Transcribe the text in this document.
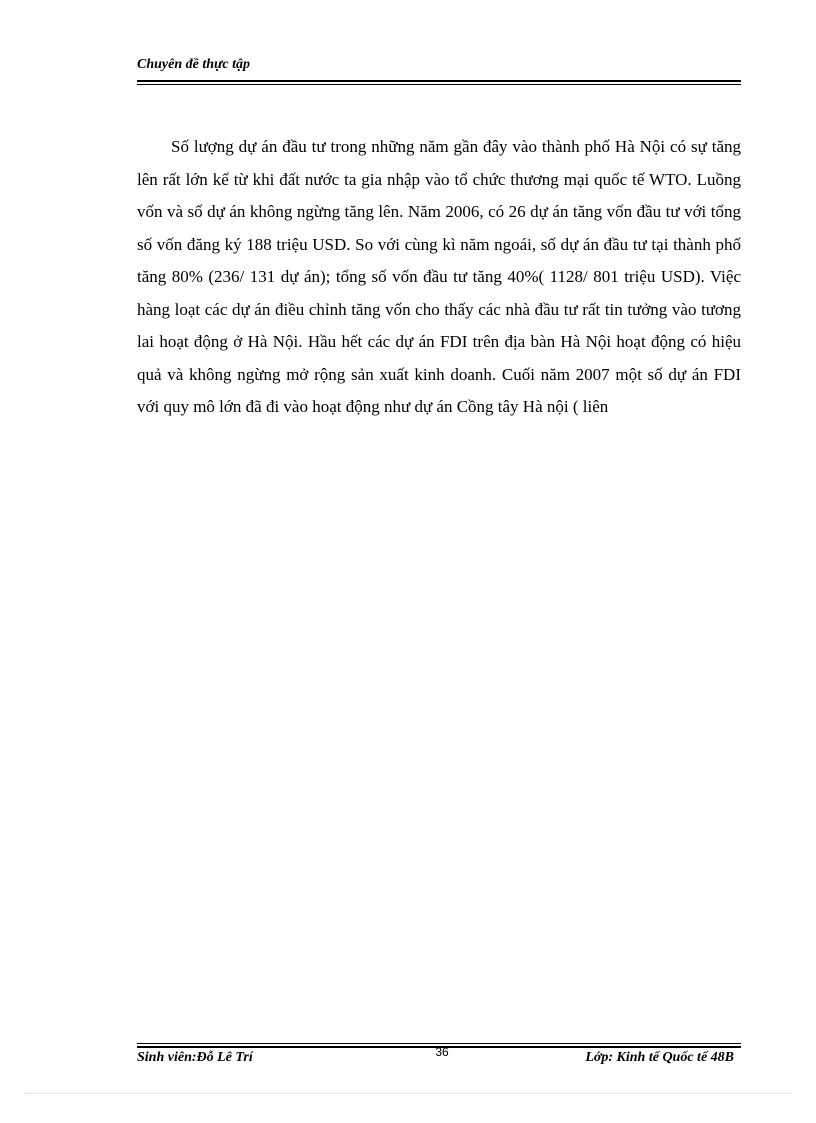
Chuyên đề thực tập

Số lượng dự án đầu tư trong những năm gần đây vào thành phố Hà Nội có sự tăng lên rất lớn kể từ khi đất nước ta gia nhập vào tổ chức thương mại quốc tế WTO. Luồng vốn và số dự án không ngừng tăng lên. Năm 2006, có 26 dự án tăng vốn đầu tư với tổng số vốn đăng ký 188 triệu USD. So với cùng kì năm ngoái, số dự án đầu tư tại thành phố tăng 80% (236/ 131 dự án); tổng số vốn đầu tư tăng 40%( 1128/ 801 triệu USD). Việc hàng loạt các dự án điều chỉnh tăng vốn cho thấy các nhà đầu tư rất tin tưởng vào tương lai hoạt động ở Hà Nội. Hầu hết các dự án FDI trên địa bàn Hà Nội hoạt động có hiệu quả và không ngừng mở rộng sản xuất kinh doanh. Cuối năm 2007 một số dự án FDI với quy mô lớn đã đi vào hoạt động như dự án Cồng tây Hà nội ( liên

Sinh viên:Đỗ Lê Trí	36	Lớp: Kinh tế Quốc tế 48B
